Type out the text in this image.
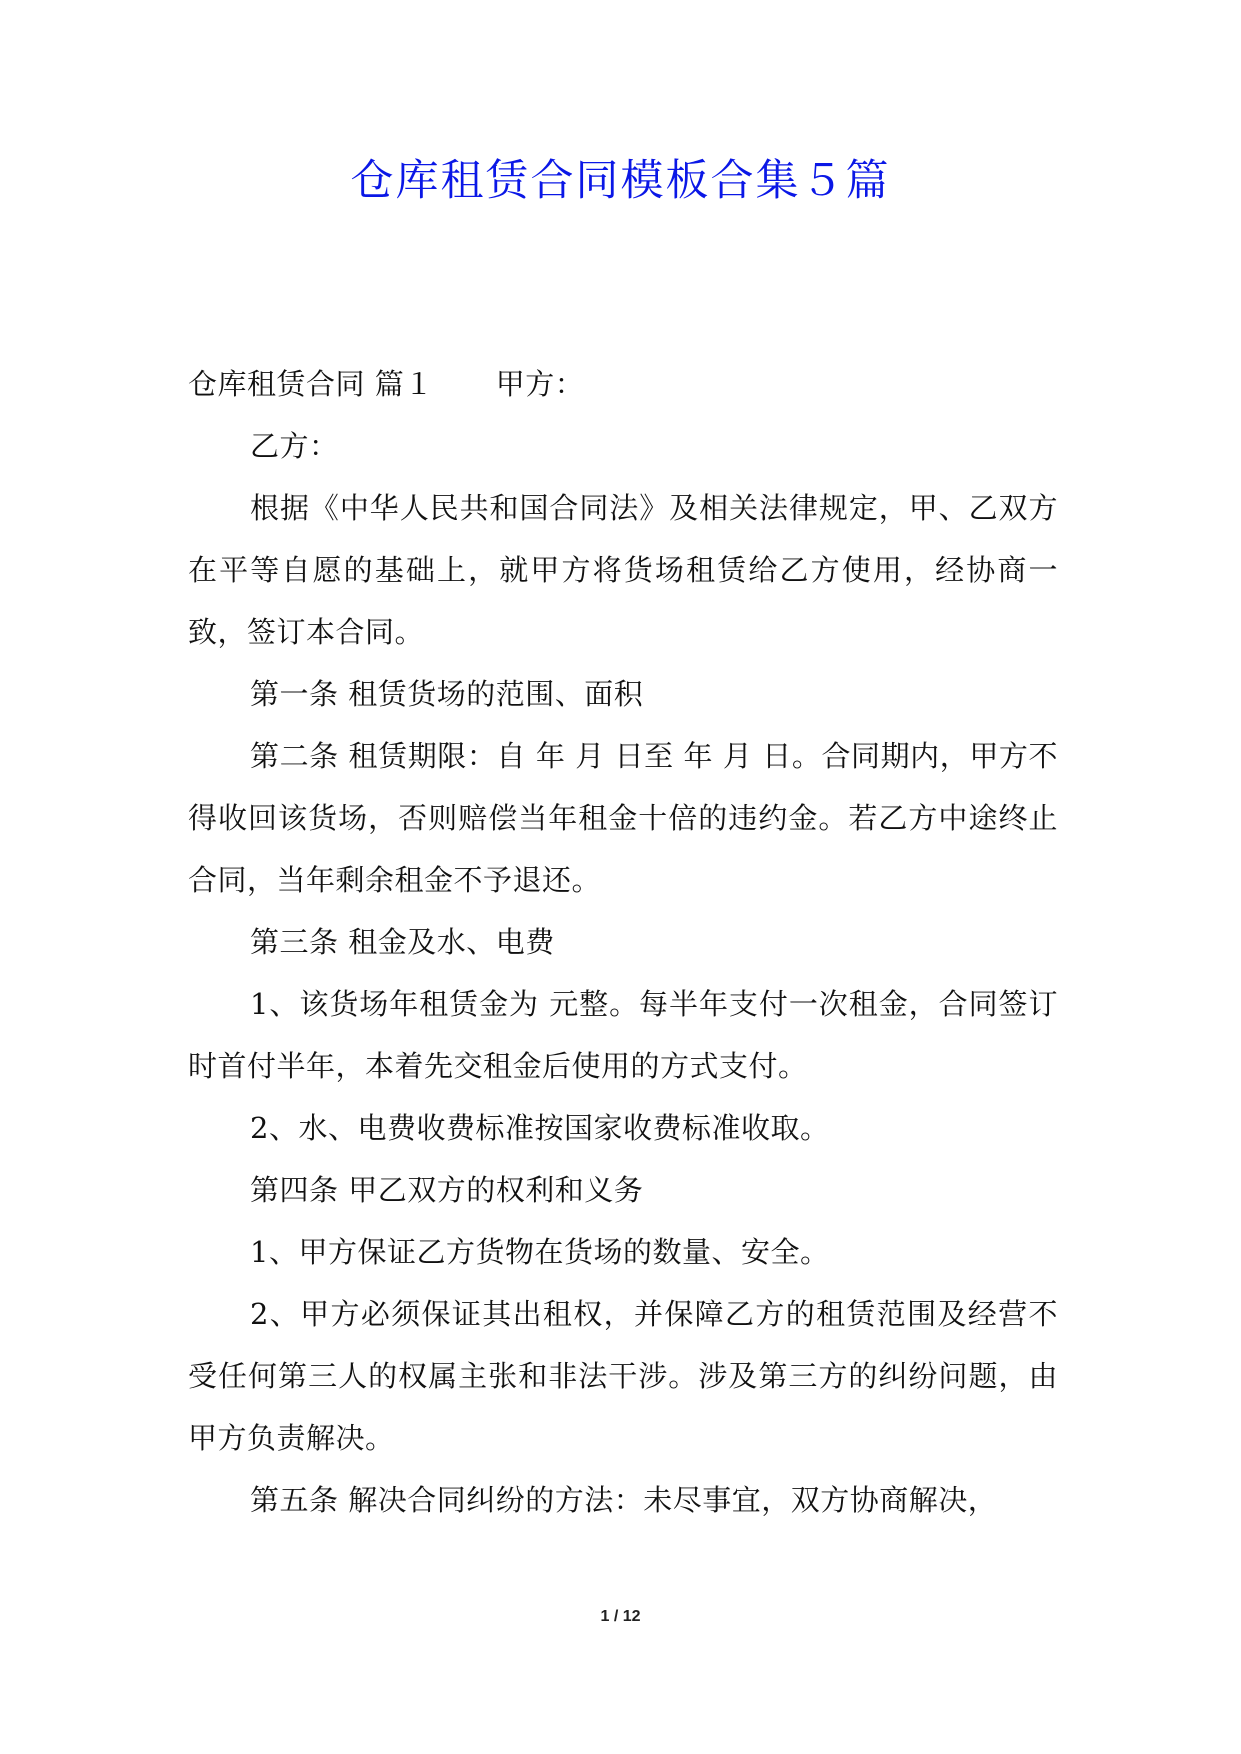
仓库租赁合同模板合集５篇

仓库租赁合同 篇１ 甲方：

乙方：

根据《中华人民共和国合同法》及相关法律规定，甲、乙双方在平等自愿的基础上，就甲方将货场租赁给乙方使用，经协商一致，签订本合同。

第一条 租赁货场的范围、面积

第二条 租赁期限：自 年 月 日至 年 月 日。合同期内，甲方不得收回该货场，否则赔偿当年租金十倍的违约金。若乙方中途终止合同，当年剩余租金不予退还。

第三条 租金及水、电费

1、该货场年租赁金为 元整。每半年支付一次租金，合同签订时首付半年，本着先交租金后使用的方式支付。

2、水、电费收费标准按国家收费标准收取。

第四条 甲乙双方的权利和义务

1、甲方保证乙方货物在货场的数量、安全。

2、甲方必须保证其出租权，并保障乙方的租赁范围及经营不受任何第三人的权属主张和非法干涉。涉及第三方的纠纷问题，由甲方负责解决。

第五条 解决合同纠纷的方法：未尽事宜，双方协商解决，

1 / 12
